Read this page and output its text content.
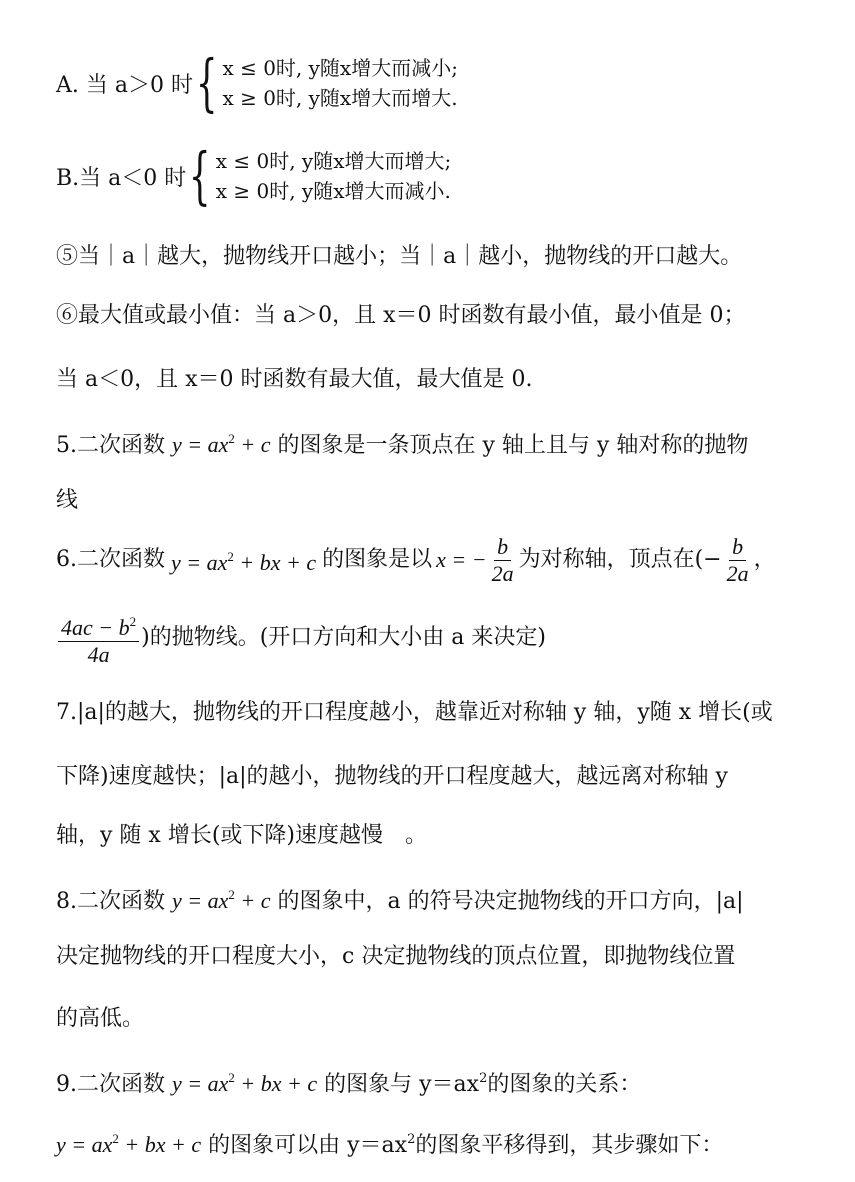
A. 当 a＞0 时 { x ≤ 0时, y随x增大而减小;
x ≥ 0时, y随x增大而增大.
B.当 a＜0 时 { x ≤ 0时, y随x增大而增大;
x ≥ 0时, y随x增大而减小.
⑤当｜a｜越大，抛物线开口越小；当｜a｜越小，抛物线的开口越大。
⑥最大值或最小值：当 a＞0，且 x＝0 时函数有最小值，最小值是 0；
当 a＜0，且 x＝0 时函数有最大值，最大值是 0.
5.二次函数 $y = ax^2 + c$ 的图象是一条顶点在 y 轴上且与 y 轴对称的抛物
线
6.二次函数 $y = ax^2$ + bx + c 的图象是以 x = − $\frac{b}{2a}$ 为对称轴，顶点在(− $\frac{b}{2a}$ ，
$\frac{4ac - b^2}{4a}$ )的抛物线。(开口方向和大小由 a 来决定)
7.|a|的越大，抛物线的开口程度越小，越靠近对称轴 y 轴，y随 x 增长(或
下降)速度越快；|a|的越小，抛物线的开口程度越大，越远离对称轴 y
轴，y 随 x 增长(或下降)速度越慢　。
8.二次函数 $y = ax^2 + c$ 的图象中，a 的符号决定抛物线的开口方向，|a|
决定抛物线的开口程度大小，c 决定抛物线的顶点位置，即抛物线位置
的高低。
9.二次函数 $y = ax^2$ + bx + c 的图象与 $y=ax^2$的图象的关系：
$y = ax^2$ + bx + c 的图象可以由 $y=ax^2$的图象平移得到，其步骤如下：
